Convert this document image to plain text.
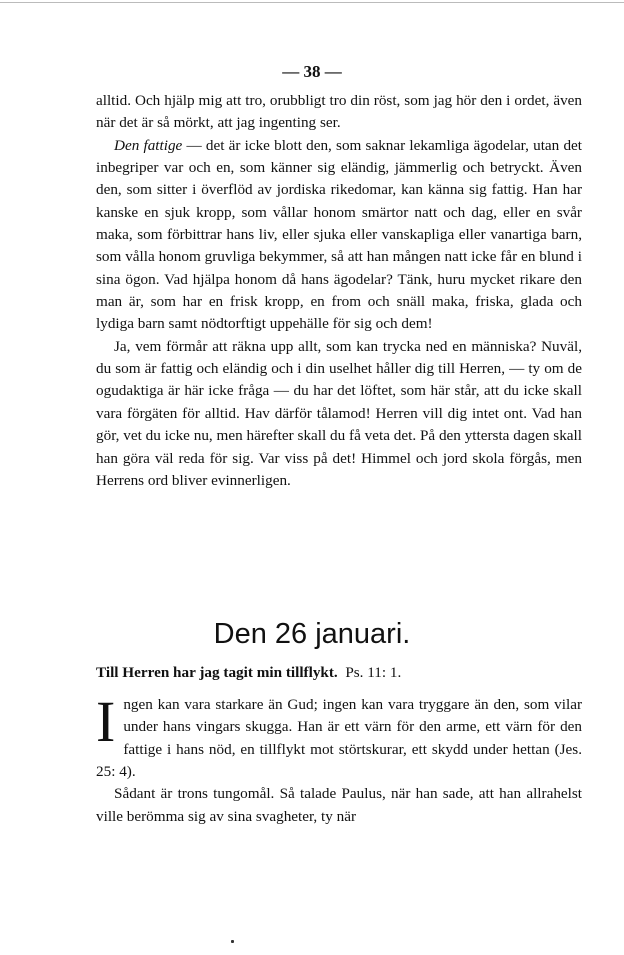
— 38 —

alltid. Och hjälp mig att tro, orubbligt tro din röst, som jag hör den i ordet, även när det är så mörkt, att jag ingenting ser.

Den fattige — det är icke blott den, som saknar lekamliga ägodelar, utan det inbegriper var och en, som känner sig eländig, jämmerlig och betryckt. Även den, som sitter i överflöd av jordiska rikedomar, kan känna sig fattig. Han har kanske en sjuk kropp, som vållar honom smärtor natt och dag, eller en svår maka, som förbittrar hans liv, eller sjuka eller vanskapliga eller vanartiga barn, som vålla honom gruvliga bekymmer, så att han mången natt icke får en blund i sina ögon. Vad hjälpa honom då hans ägodelar? Tänk, huru mycket rikare den man är, som har en frisk kropp, en from och snäll maka, friska, glada och lydiga barn samt nödtorftigt uppehälle för sig och dem!

Ja, vem förmår att räkna upp allt, som kan trycka ned en människa? Nuväl, du som är fattig och eländig och i din uselhet håller dig till Herren, — ty om de ogudaktiga är här icke fråga — du har det löftet, som här står, att du icke skall vara förgäten för alltid. Hav därför tålamod! Herren vill dig intet ont. Vad han gör, vet du icke nu, men härefter skall du få veta det. På den yttersta dagen skall han göra väl reda för sig. Var viss på det! Himmel och jord skola förgås, men Herrens ord bliver evinnerligen.

Den 26 januari.
Till Herren har jag tagit min tillflykt. Ps. 11: 1.

Ingen kan vara starkare än Gud; ingen kan vara tryggare än den, som vilar under hans vingars skugga. Han är ett värn för den arme, ett värn för den fattige i hans nöd, en tillflykt mot störtskurar, ett skydd under hettan (Jes. 25: 4).

Sådant är trons tungomål. Så talade Paulus, när han sade, att han allrahelst ville berömma sig av sina svagheter, ty när
